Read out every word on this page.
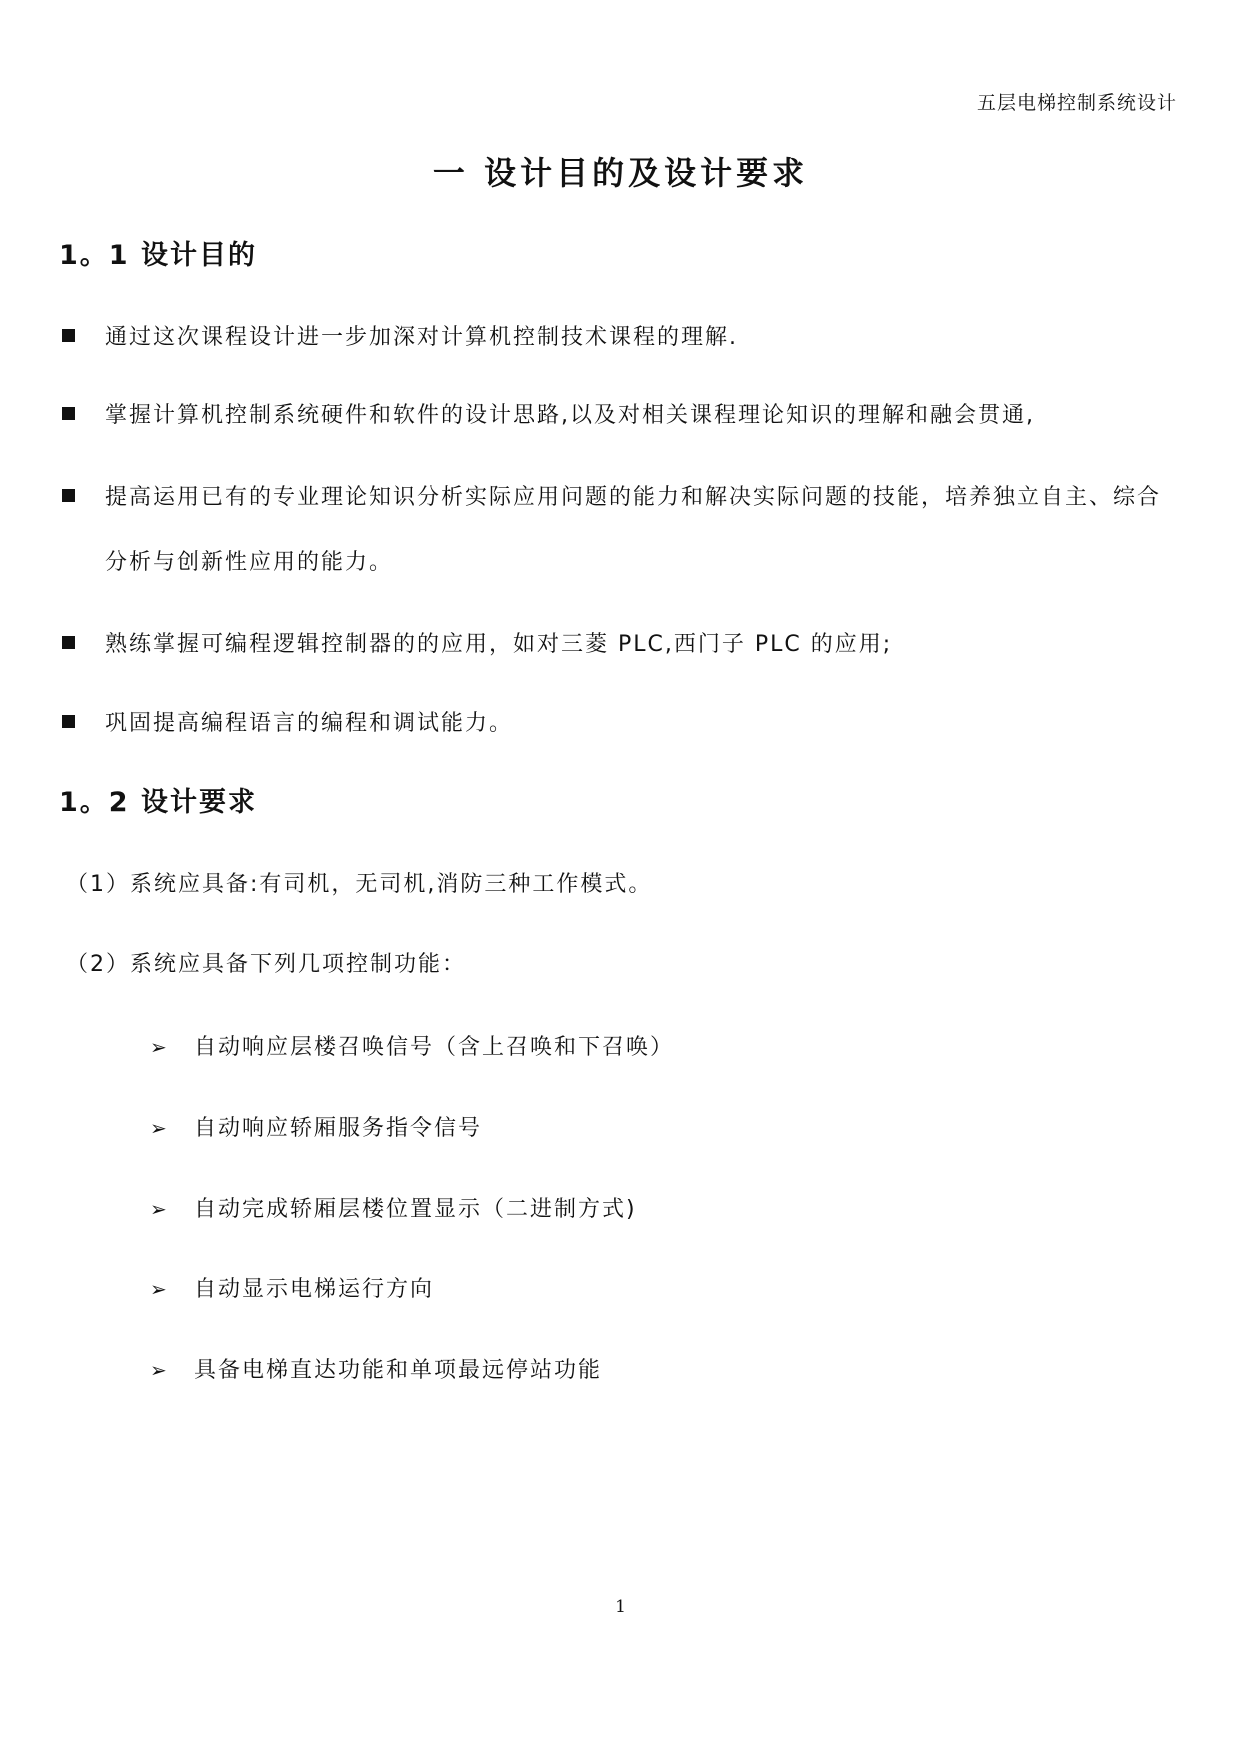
五层电梯控制系统设计
一 设计目的及设计要求
1。1 设计目的
通过这次课程设计进一步加深对计算机控制技术课程的理解.
掌握计算机控制系统硬件和软件的设计思路,以及对相关课程理论知识的理解和融会贯通,
提高运用已有的专业理论知识分析实际应用问题的能力和解决实际问题的技能，培养独立自主、综合分析与创新性应用的能力。
熟练掌握可编程逻辑控制器的的应用，如对三菱 PLC,西门子 PLC 的应用;
巩固提高编程语言的编程和调试能力。
1。2 设计要求
（1）系统应具备:有司机，无司机,消防三种工作模式。
（2）系统应具备下列几项控制功能：
➢ 自动响应层楼召唤信号（含上召唤和下召唤）
➢ 自动响应轿厢服务指令信号
➢ 自动完成轿厢层楼位置显示（二进制方式)
➢ 自动显示电梯运行方向
➢ 具备电梯直达功能和单项最远停站功能
1
